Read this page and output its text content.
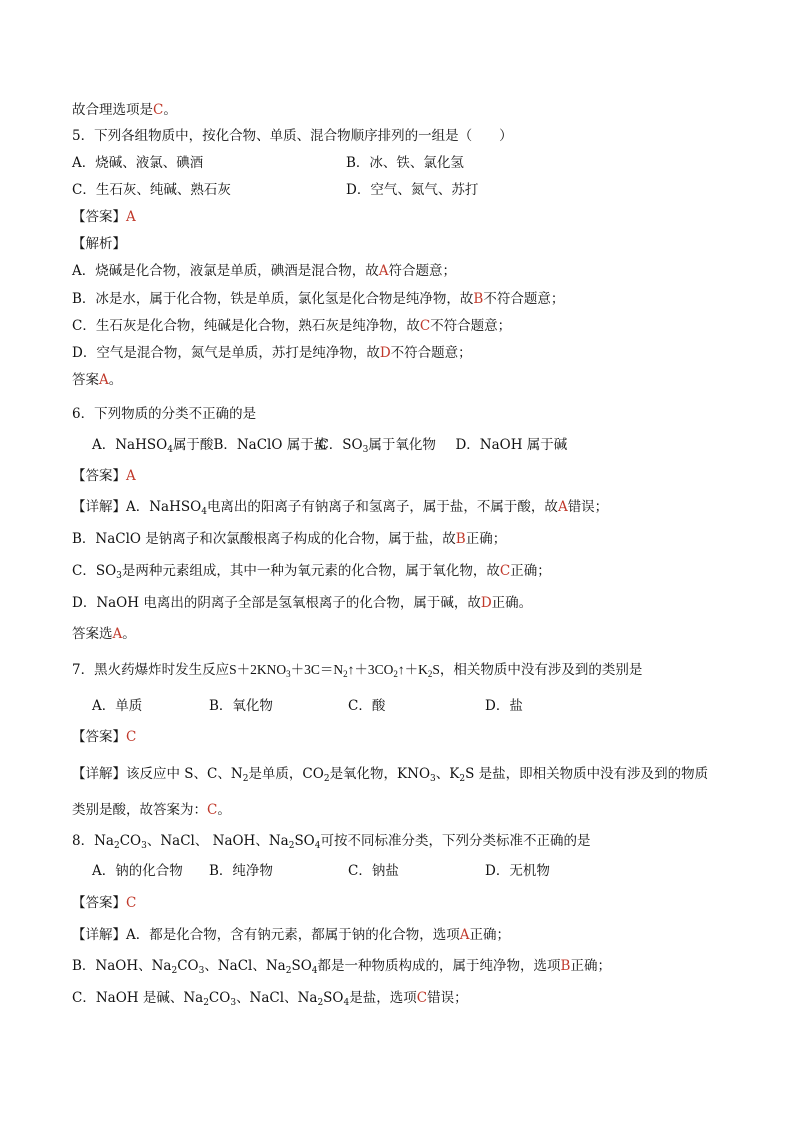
故合理选项是C。
5．下列各组物质中，按化合物、单质、混合物顺序排列的一组是（　　）
A．烧碱、液氯、碘酒	B．冰、铁、氯化氢
C．生石灰、纯碱、熟石灰	D．空气、氮气、苏打
【答案】A
【解析】
A．烧碱是化合物，液氯是单质，碘酒是混合物，故A符合题意；
B．冰是水，属于化合物，铁是单质，氯化氢是化合物是纯净物，故B不符合题意；
C．生石灰是化合物，纯碱是化合物，熟石灰是纯净物，故C不符合题意；
D．空气是混合物，氮气是单质，苏打是纯净物，故D不符合题意；
答案A。
6．下列物质的分类不正确的是
A．NaHSO$_4$属于酸B．NaClO 属于盐C．$SO_3$属于氧化物 D．NaOH 属于碱
【答案】A
【详解】A．NaHSO$_4$电离出的阳离子有钠离子和氢离子，属于盐，不属于酸，故A错误；
B．NaClO 是钠离子和次氯酸根离子构成的化合物，属于盐，故B正确；
C．$SO_3$是两种元素组成，其中一种为氧元素的化合物，属于氧化物，故C正确；
D．NaOH 电离出的阴离子全部是氢氧根离子的化合物，属于碱，故D正确。
答案选A。
7．黑火药爆炸时发生反应$S+2KNO_3+3C=N_2↑+3CO_2↑+K_2S$，相关物质中没有涉及到的类别是
A．单质	B．氧化物	C．酸	D．盐
【答案】C
【详解】该反应中 S、C、$N_2$是单质，$CO_2$是氧化物，$KNO_3$、$K_2S$ 是盐，即相关物质中没有涉及到的物质
类别是酸，故答案为：C。
8．$Na_2CO_3$、NaCl、 NaOH、$Na_2SO_4$可按不同标准分类，下列分类标准不正确的是
A．钠的化合物 B．纯净物	C．钠盐	D．无机物
【答案】C
【详解】A．都是化合物，含有钠元素，都属于钠的化合物，选项A正确；
B．NaOH、$Na_2CO_3$、NaCl、$Na_2SO_4$都是一种物质构成的，属于纯净物，选项B正确；
C．NaOH 是碱、$Na_2CO_3$、NaCl、$Na_2SO_4$是盐，选项C错误；
